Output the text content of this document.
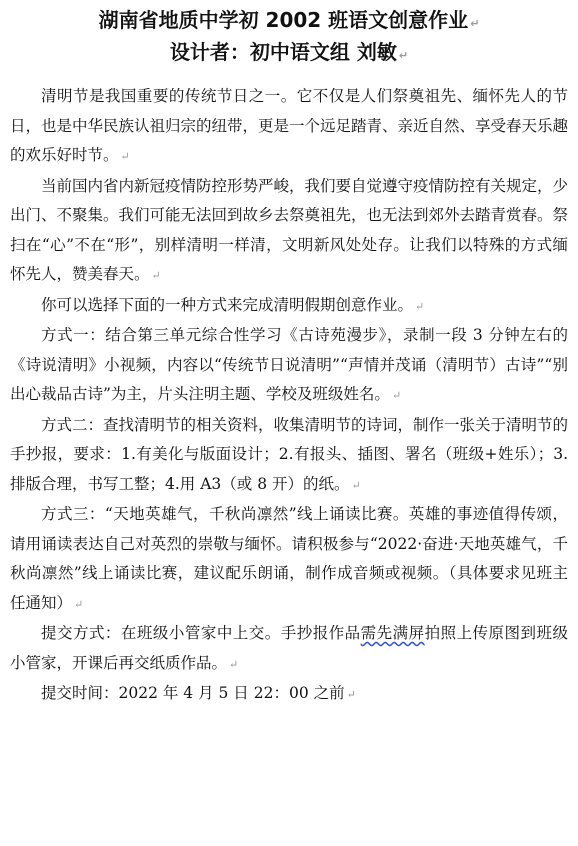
湖南省地质中学初 2002 班语文创意作业 ↵
设计者：初中语文组 刘敏 ↵

清明节是我国重要的传统节日之一。它不仅是人们祭奠祖先、缅怀先人的节日，也是中华民族认祖归宗的纽带，更是一个远足踏青、亲近自然、享受春天乐趣的欢乐好时节。 ↵

当前国内省内新冠疫情防控形势严峻，我们要自觉遵守疫情防控有关规定，少出门、不聚集。我们可能无法回到故乡去祭奠祖先，也无法到郊外去踏青赏春。祭扫在“心”不在“形”，别样清明一样清，文明新风处处存。让我们以特殊的方式缅怀先人，赞美春天。 ↵

你可以选择下面的一种方式来完成清明假期创意作业。 ↵

方式一：结合第三单元综合性学习《古诗苑漫步》，录制一段 3 分钟左右的《诗说清明》小视频，内容以“传统节日说清明”“声情并茂诵（清明节）古诗”“别出心裁品古诗”为主，片头注明主题、学校及班级姓名。 ↵

方式二：查找清明节的相关资料，收集清明节的诗词，制作一张关于清明节的手抄报，要求：1.有美化与版面设计；2.有报头、插图、署名（班级+姓乐）；3.排版合理，书写工整；4.用 A3（或 8 开）的纸。 ↵

方式三：“天地英雄气，千秋尚凛然”线上诵读比赛。英雄的事迹值得传颂，请用诵读表达自己对英烈的崇敬与缅怀。请积极参与“2022·奋进·天地英雄气，千秋尚凛然”线上诵读比赛，建议配乐朗诵，制作成音频或视频。（具体要求见班主任通知） ↵

提交方式：在班级小管家中上交。手抄报作品需先满屏拍照上传原图到班级小管家，开课后再交纸质作品。 ↵

提交时间：2022 年 4 月 5 日 22：00 之前 ↵
